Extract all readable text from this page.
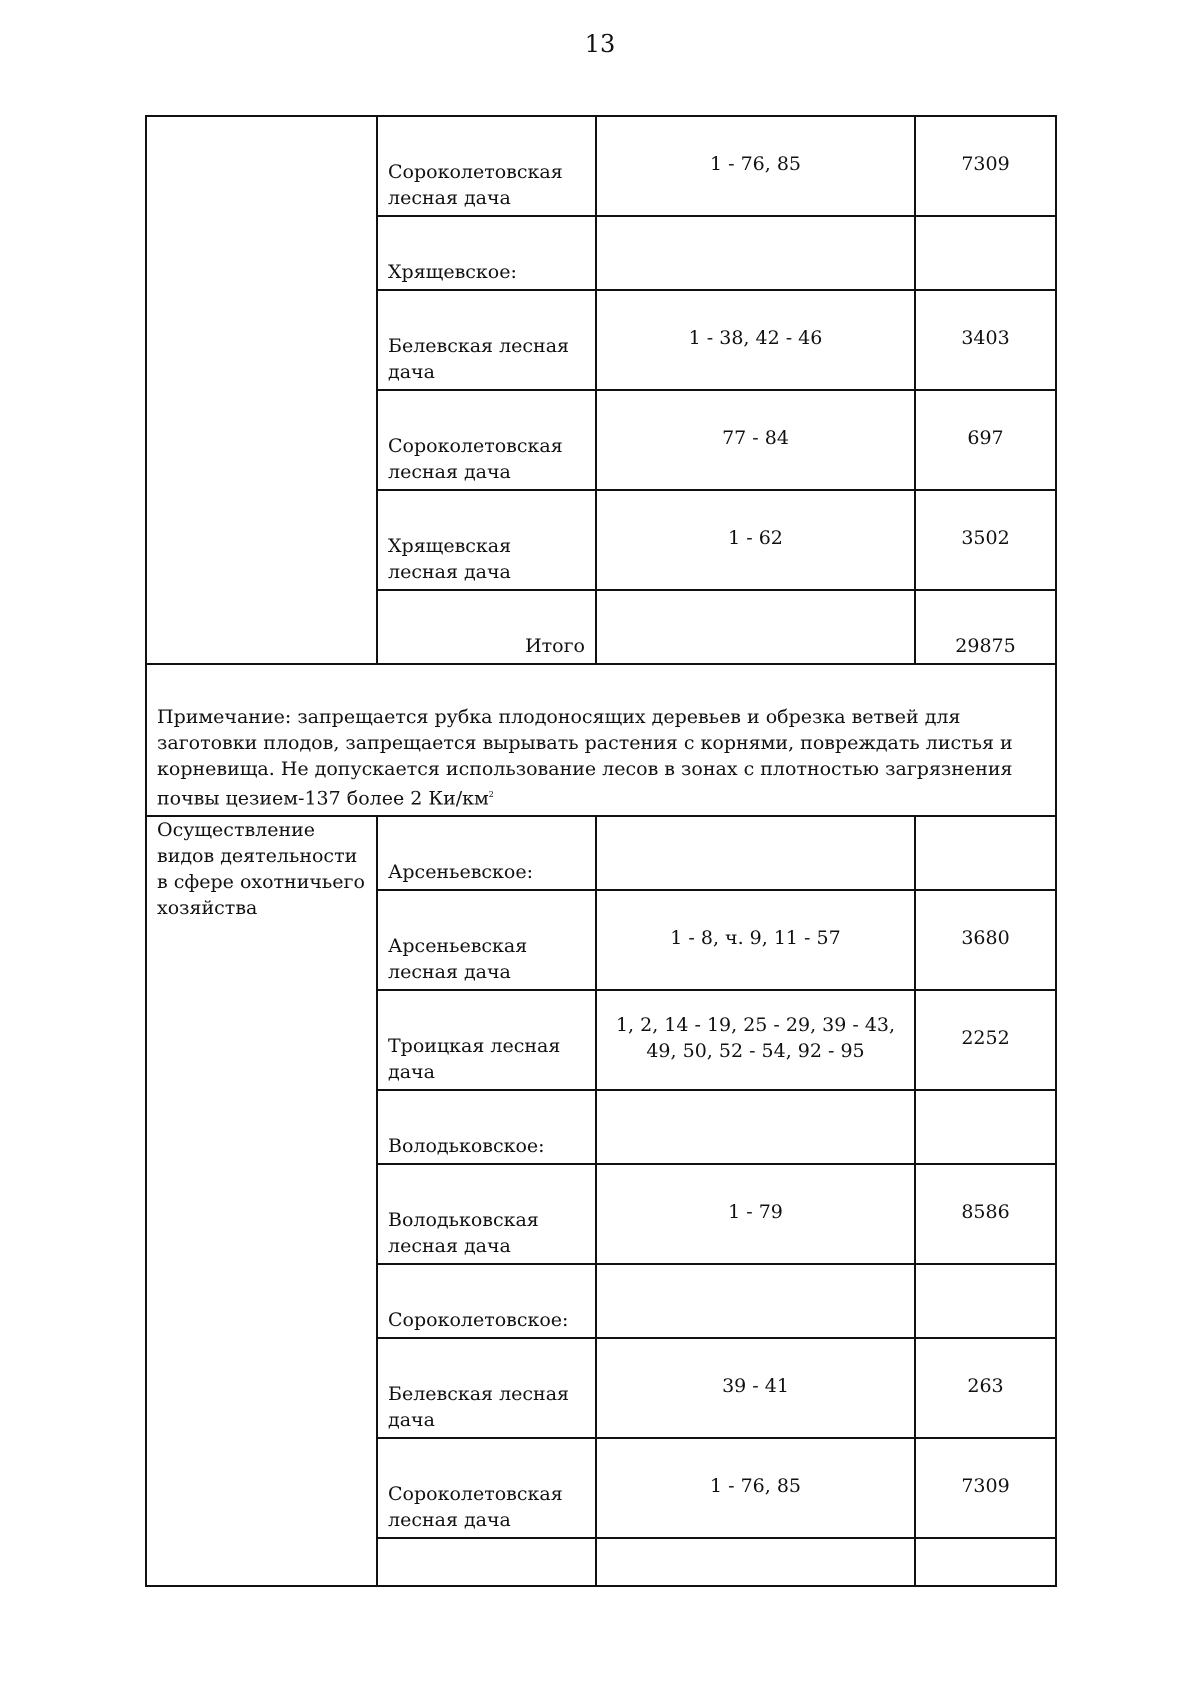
13
	Сороколетовская лесная дача	1 - 76, 85	7309
	Хрящевское:		
	Белевская лесная дача	1 - 38, 42 - 46	3403
	Сороколетовская лесная дача	77 - 84	697
	Хрящевская лесная дача	1 - 62	3502
	Итого		29875
Примечание: запрещается рубка плодоносящих деревьев и обрезка ветвей для заготовки плодов, запрещается вырывать растения с корнями, повреждать листья и корневища. Не допускается использование лесов в зонах с плотностью загрязнения почвы цезием-137 более 2 $Ки/км^2$
Осуществление видов деятельности в сфере охотничьего хозяйства	Арсеньевское:		
	Арсеньевская лесная дача	1 - 8, ч. 9, 11 - 57	3680
	Троицкая лесная дача	1, 2, 14 - 19, 25 - 29, 39 - 43, 49, 50, 52 - 54, 92 - 95	2252
	Володьковское:		
	Володьковская лесная дача	1 - 79	8586
	Сороколетовское:		
	Белевская лесная дача	39 - 41	263
	Сороколетовская лесная дача	1 - 76, 85	7309
